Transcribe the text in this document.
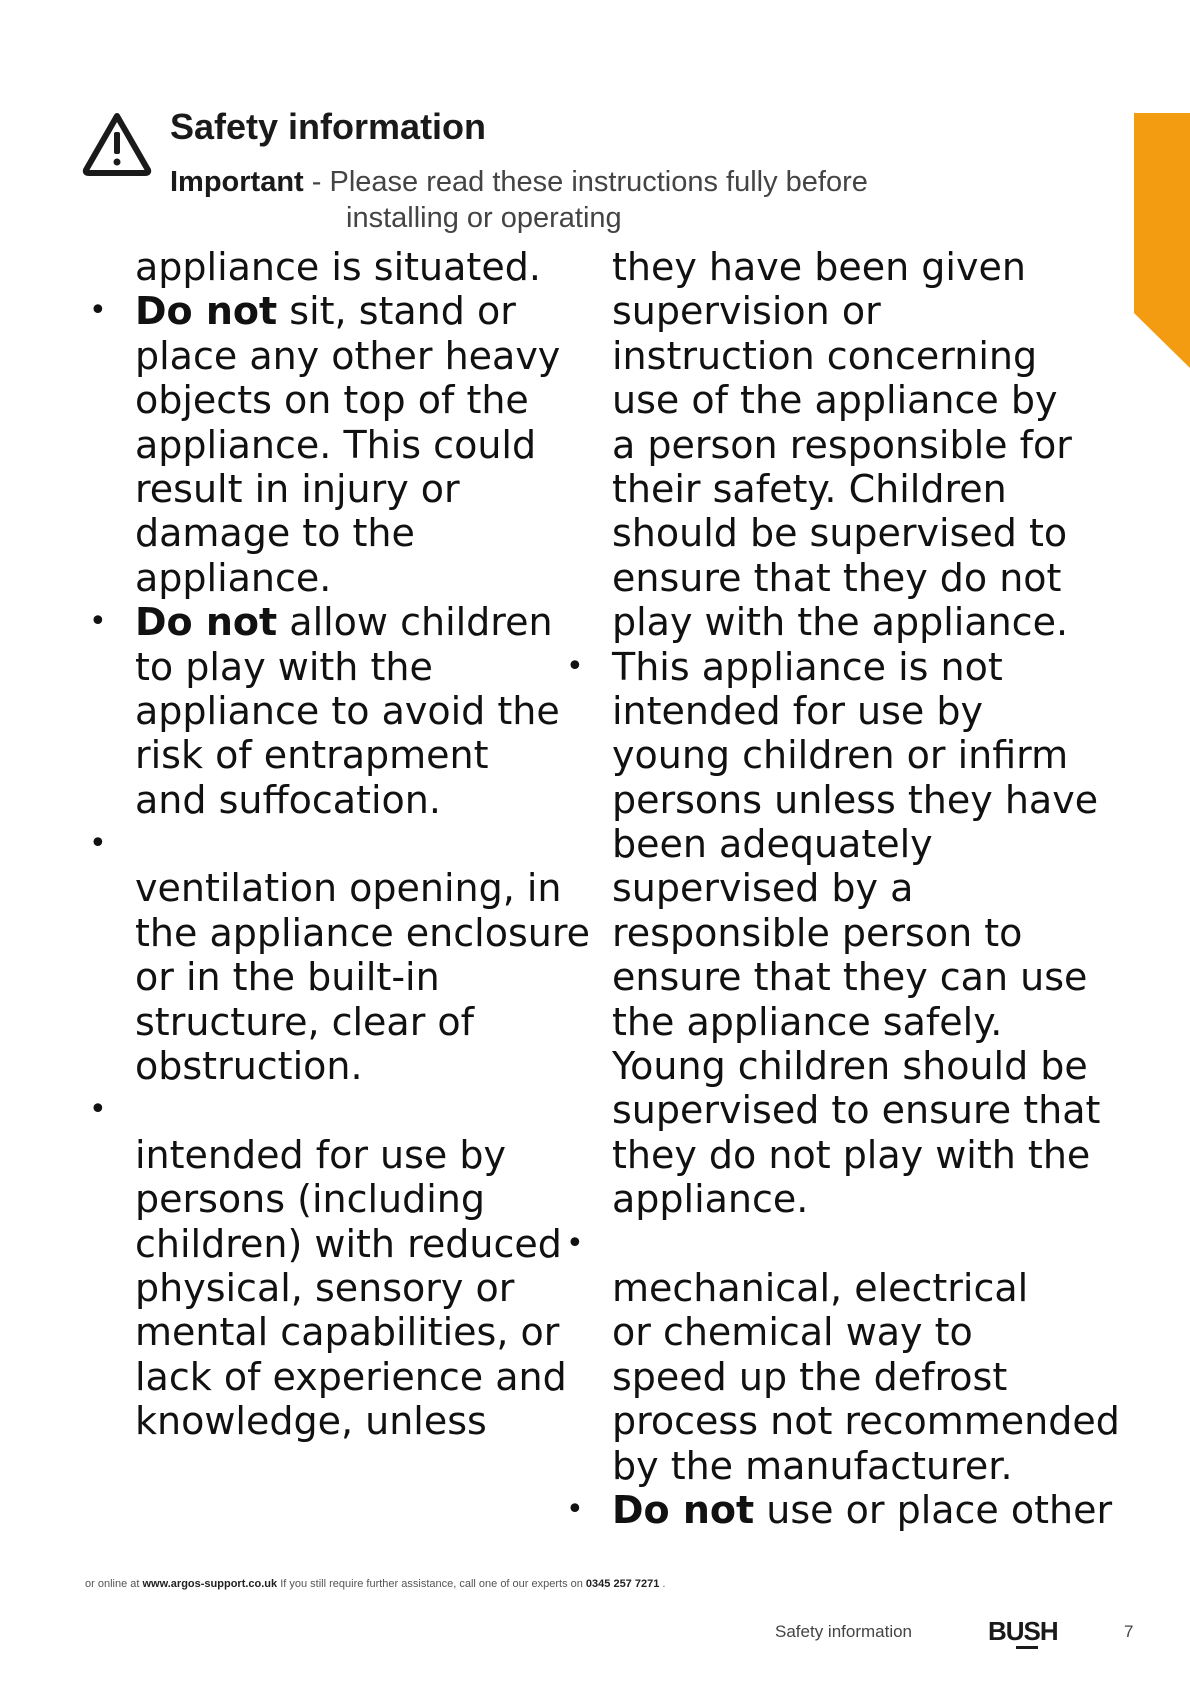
Safety information
Important - Please read these instructions fully before
installing or operating
appliance is situated.
• Do not sit, stand or
place any other heavy
objects on top of the
appliance. This could
result in injury or
damage to the
appliance.
• Do not allow children
to play with the
appliance to avoid the
risk of entrapment
and suffocation.
•
ventilation opening, in
the appliance enclosure
or in the built-in
structure, clear of
obstruction.
•
intended for use by
persons (including
children) with reduced
physical, sensory or
mental capabilities, or
lack of experience and
knowledge, unless
they have been given
supervision or
instruction concerning
use of the appliance by
a person responsible for
their safety. Children
should be supervised to
ensure that they do not
play with the appliance.
• This appliance is not
intended for use by
young children or infirm
persons unless they have
been adequately
supervised by a
responsible person to
ensure that they can use
the appliance safely.
Young children should be
supervised to ensure that
they do not play with the
appliance.
•
mechanical, electrical
or chemical way to
speed up the defrost
process not recommended
by the manufacturer.
• Do not use or place other
or online at www.argos-support.co.uk If you still require further assistance, call one of our experts on 0345 257 7271 .
Safety information	BUSH	7
